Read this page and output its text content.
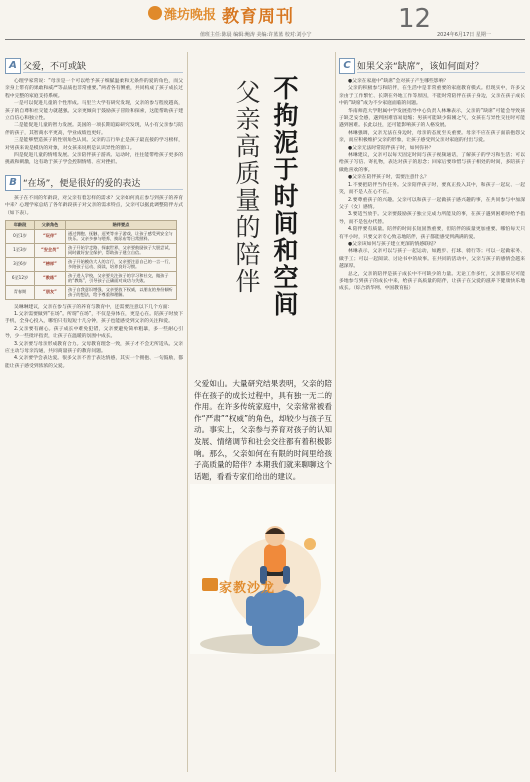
潍坊晚报 教育周刊	12
值班主任:陈晨 编辑:鲍涛 美编:许蓝蓝 校对:刘小宁	2024年6月17日 星期一
A 父爱，不可或缺

心理学家常说：“母亲是一个可以给予孩子细腻温柔和无条件的爱的角色，而父亲身上带有的果敢和威严等品质也非常重要。”两者各有侧重，共同构成了孩子成长过程中完整的家庭支持系统。

一是可以促进儿童的个性形成。马里兰大学有研究发现，父亲的参与程度越高，孩子的自尊和社交能力就越强。父亲更倾向于鼓励孩子冒险和探索，这能帮助孩子建立自信心和独立性。

二是能促进儿童的智力发展。美国的一项长期追踪研究发现，从小有父亲参与陪伴的孩子，其智商水平更高，学业成绩也更好。

三是能够塑造孩子的性别角色认同。父亲的言行举止是孩子最直接的学习榜样，对男孩来说是模仿的对象，对女孩来说则是认识异性的窗口。

四是促进儿童的情绪发展。父亲陪伴孩子游戏、运动时，往往能带给孩子更多的挑战和刺激，这有助于孩子学会控制情绪、应对挫折。

B “在场”，便是很好的爱的表达

孩子在不同的年龄段，对父亲有着怎样的需求？父亲如何真正参与到孩子的养育中来？心理学家总结了各年龄段孩子对父亲的需求特点，父亲可以据此调整陪伴方式（如下表）。

年龄段	父亲角色	陪伴要点
0至1岁	“玩伴”	通过拥抱、抚触、逗笑等亲子游戏，让孩子感受到安全与快乐。父亲多参与喂养、换尿布等日常照料。
1至3岁	“安全员”	孩子开始学走路、探索世界，父亲要鼓励孩子大胆尝试，同时做好安全保护，帮助孩子建立自信。
3至6岁	“榜样”	孩子开始模仿大人的言行，父亲要注意自己的一言一行，多陪孩子运动、阅读，培养良好习惯。
6至12岁	“教练”	孩子进入学校，父亲要关注孩子的学习和社交，做孩子的“教练”，引导孩子正确面对成功与失败。
青春期	“朋友”	孩子自我意识增强，父亲要放下权威，以朋友的身份倾听孩子的想法，给予尊重和理解。

吴琳琳建议，父亲在参与孩子的养育与教育中，还需要注意以下几个方面：

1.父亲需要做到“在场”。所谓“在场”，不仅是身体在，更是心在。陪孩子时放下手机，全身心投入，哪怕只有短短十几分钟，孩子也能感受到父亲的关注和爱。

2.父亲要有耐心。孩子成长中难免犯错，父亲要避免简单粗暴，多一些耐心引导，少一些批评指责，让孩子在温暖的氛围中成长。

3.父亲要与母亲形成教育合力。父母教育理念一致，孩子才不会无所适从。父亲应主动与母亲沟通，共同商量孩子的教育问题。

4.父亲要学会表达爱。很多父亲不善于表达情感，其实一个拥抱、一句鼓励，都能让孩子感受到浓浓的父爱。

不
拘
泥
于
时
间
和
空
间
父
亲
高
质
量
的
陪
伴
父爱如山。大量研究结果表明，父亲的陪伴在孩子的成长过程中，具有独一无二的作用。在许多传统家庭中，父亲常常被看作“严肃”“权威”的角色，却较少与孩子互动。事实上，父亲参与养育对孩子的认知发展、情绪调节和社会交往都有着积极影响。那么，父亲如何在有限的时间里给孩子高质量的陪伴？本期我们就来聊聊这个话题，看看专家们给出的建议。
家教沙龙
C 如果父亲“缺席”，该如何面对？

●父亲在家庭中“缺席”会对孩子产生哪些影响？

父亲的积极参与和陪伴，在生活中是非常重要的家庭教育模式。但现实中，许多父亲由于工作繁忙、长期在外地工作等原因，不能时常陪伴在孩子身边，父亲在孩子成长中的“缺席”成为不少家庭面临的问题。

华南师范大学附属中学发展指导中心负责人林琳表示，父亲的“缺席”可能会导致孩子缺乏安全感，遇到困难容易退缩；男孩可能缺少阳刚之气，女孩在与异性交往时可能遇到困难。长此以往，还可能影响孩子的人格发展。

林琳强调，父亲无法在身边时，母亲的态度至关重要。母亲不应在孩子面前抱怨父亲，而应积极维护父亲的形象，让孩子感受到父亲对家庭的付出与爱。

●父亲无法时常陪伴孩子时，如何弥补？

林琳建议，父亲可以每天固定时间与孩子视频通话，了解孩子的学习和生活；可以给孩子写信、寄礼物，表达对孩子的思念；回家后要珍惜与孩子相处的时间，多陪孩子做他喜欢的事。

●父亲在陪伴孩子时，需要注意什么？

1.不要把陪伴当作任务。父亲陪伴孩子时，要真正投入其中，和孩子一起玩、一起笑，而不是人在心不在。

2.要尊重孩子的兴趣。父亲可以和孩子一起做孩子感兴趣的事，在共同参与中加深父子（女）感情。

3.要适当放手。父亲要鼓励孩子独立完成力所能及的事，在孩子遇到困难时给予指导，而不是包办代替。

4.陪伴要有质量。陪伴的时间长短固然重要，但陪伴的质量更加重要。哪怕每天只有半小时，只要父亲专心致志地陪伴，孩子都能感受到满满的爱。

●父亲该如何与孩子建立更深的情感联结？

林琳表示，父亲可以与孩子一起运动，如跑步、打球、骑行等；可以一起做家务、做手工；可以一起阅读、讨论书中的故事。在共同的活动中，父亲与孩子的感情会越来越深厚。

总之，父亲的陪伴是孩子成长中不可缺少的力量。无论工作多忙，父亲都应尽可能多地参与到孩子的成长中来，给孩子高质量的陪伴，让孩子在父爱的滋养下健康快乐地成长。（综合新华网、中国教育报）
